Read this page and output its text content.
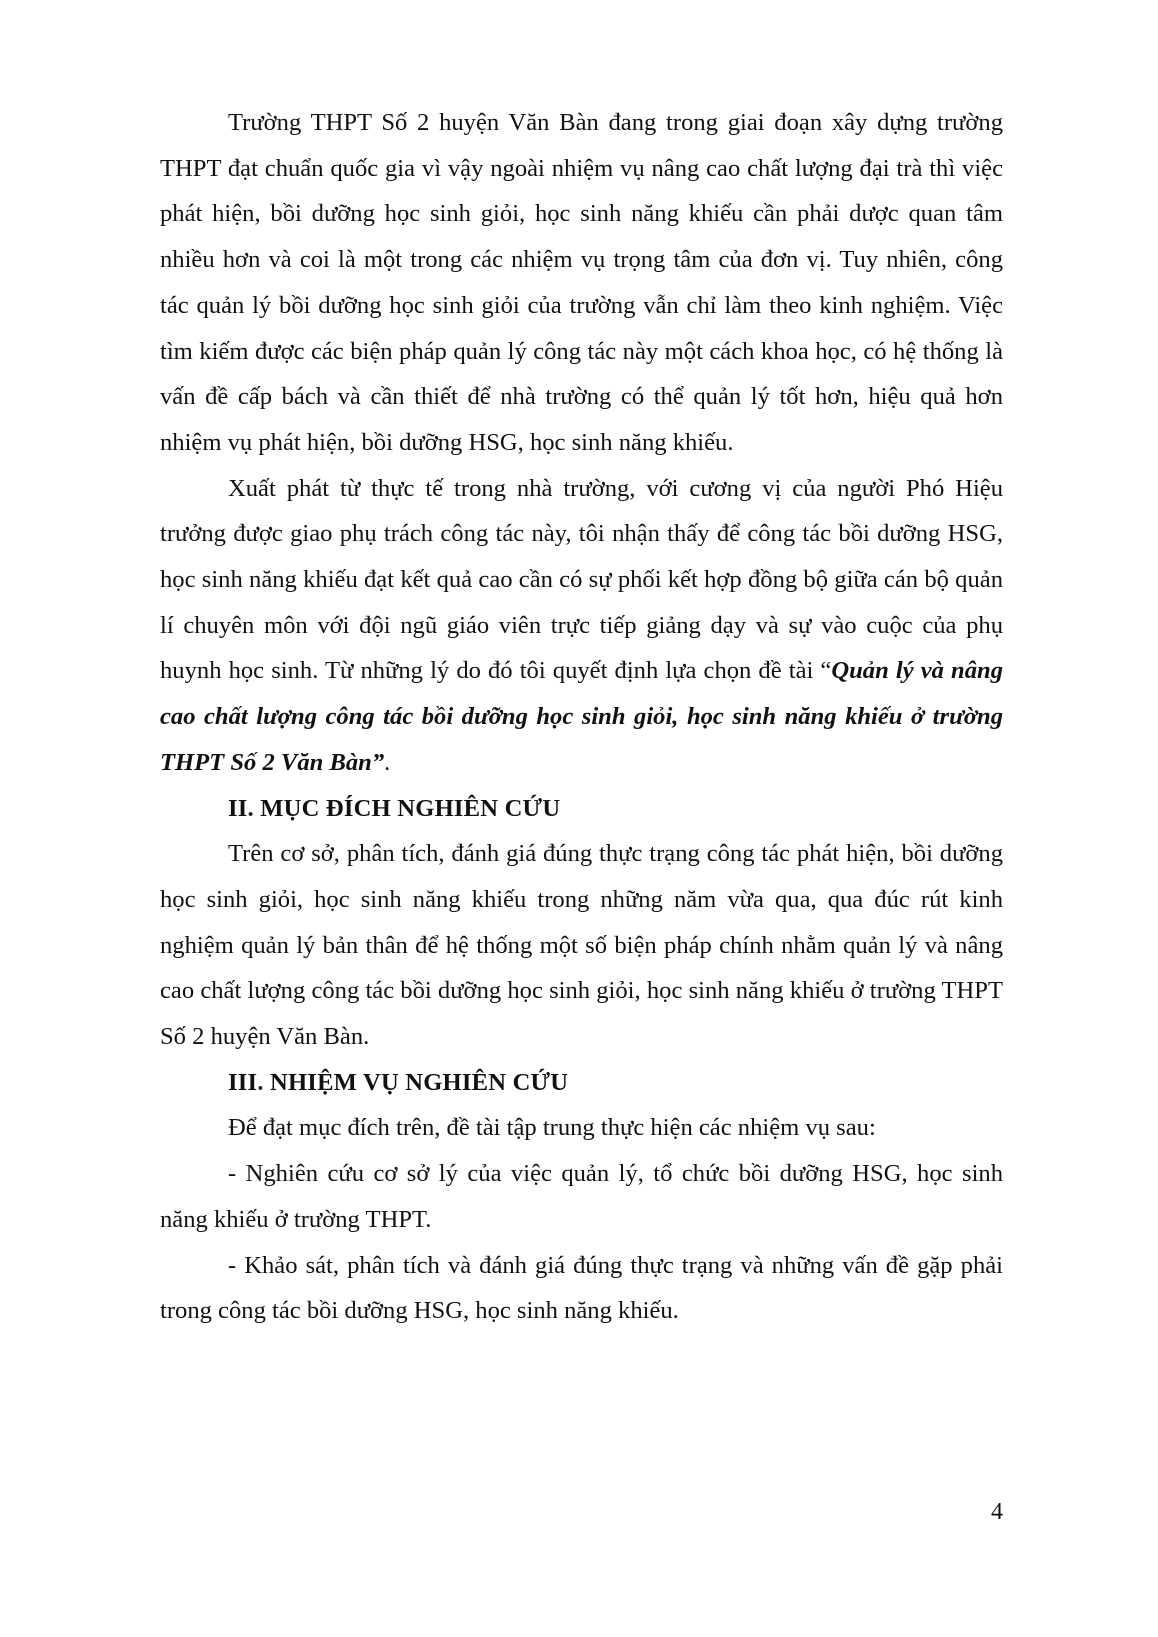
Trường THPT Số 2 huyện Văn Bàn đang trong giai đoạn xây dựng trường THPT đạt chuẩn quốc gia vì vậy ngoài nhiệm vụ nâng cao chất lượng đại trà thì việc phát hiện, bồi dưỡng học sinh giỏi, học sinh năng khiếu cần phải dược quan tâm nhiều hơn và coi là một trong các nhiệm vụ trọng tâm của đơn vị. Tuy nhiên, công tác quản lý bồi dưỡng học sinh giỏi của trường vẫn chỉ làm theo kinh nghiệm. Việc tìm kiếm được các biện pháp quản lý công tác này một cách khoa học, có hệ thống là vấn đề cấp bách và cần thiết để nhà trường có thể quản lý tốt hơn, hiệu quả hơn nhiệm vụ phát hiện, bồi dưỡng HSG, học sinh năng khiếu.

Xuất phát từ thực tế trong nhà trường, với cương vị của người Phó Hiệu trưởng được giao phụ trách công tác này, tôi nhận thấy để công tác bồi dưỡng HSG, học sinh năng khiếu đạt kết quả cao cần có sự phối kết hợp đồng bộ giữa cán bộ quản lí chuyên môn với đội ngũ giáo viên trực tiếp giảng dạy và sự vào cuộc của phụ huynh học sinh. Từ những lý do đó tôi quyết định lựa chọn đề tài “Quản lý và nâng cao chất lượng công tác bồi dưỡng học sinh giỏi, học sinh năng khiếu ở trường THPT Số 2 Văn Bàn”.

II. MỤC ĐÍCH NGHIÊN CỨU

Trên cơ sở, phân tích, đánh giá đúng thực trạng công tác phát hiện, bồi dưỡng học sinh giỏi, học sinh năng khiếu trong những năm vừa qua, qua đúc rút kinh nghiệm quản lý bản thân để hệ thống một số biện pháp chính nhằm quản lý và nâng cao chất lượng công tác bồi dưỡng học sinh giỏi, học sinh năng khiếu ở trường THPT Số 2 huyện Văn Bàn.

III. NHIỆM VỤ NGHIÊN CỨU

Để đạt mục đích trên, đề tài tập trung thực hiện các nhiệm vụ sau:

- Nghiên cứu cơ sở lý của việc quản lý, tổ chức bồi dưỡng HSG, học sinh năng khiếu ở trường THPT.

- Khảo sát, phân tích và đánh giá đúng thực trạng và những vấn đề gặp phải trong công tác bồi dưỡng HSG, học sinh năng khiếu.

4
